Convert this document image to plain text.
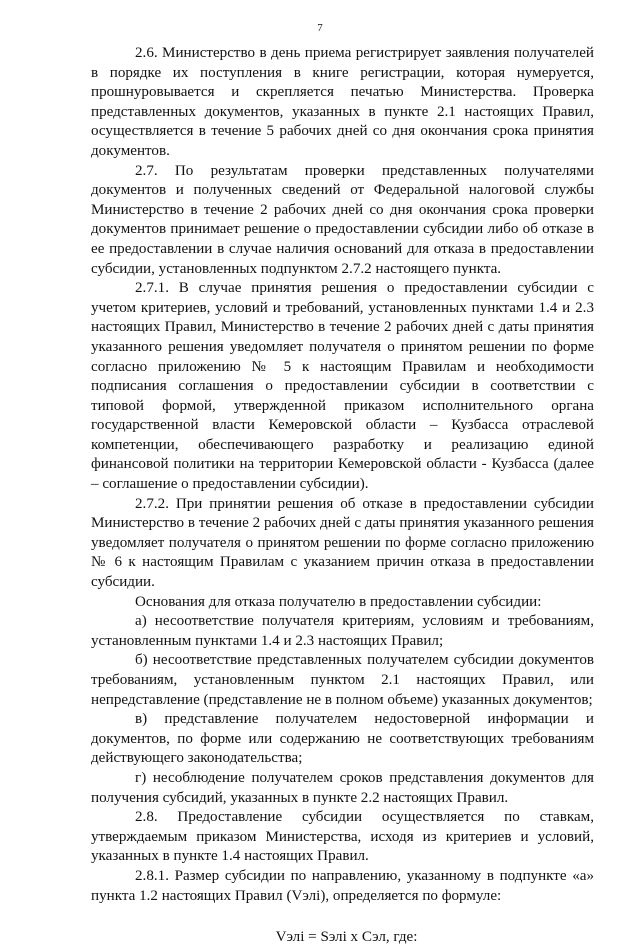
7

2.6. Министерство в день приема регистрирует заявления получателей в порядке их поступления в книге регистрации, которая нумеруется, прошнуровывается и скрепляется печатью Министерства. Проверка представленных документов, указанных в пункте 2.1 настоящих Правил, осуществляется в течение 5 рабочих дней со дня окончания срока принятия документов.

2.7. По результатам проверки представленных получателями документов и полученных сведений от Федеральной налоговой службы Министерство в течение 2 рабочих дней со дня окончания срока проверки документов принимает решение о предоставлении субсидии либо об отказе в ее предоставлении в случае наличия оснований для отказа в предоставлении субсидии, установленных подпунктом 2.7.2 настоящего пункта.

2.7.1. В случае принятия решения о предоставлении субсидии с учетом критериев, условий и требований, установленных пунктами 1.4 и 2.3 настоящих Правил, Министерство в течение 2 рабочих дней с даты принятия указанного решения уведомляет получателя о принятом решении по форме согласно приложению № 5 к настоящим Правилам и необходимости подписания соглашения о предоставлении субсидии в соответствии с типовой формой, утвержденной приказом исполнительного органа государственной власти Кемеровской области – Кузбасса отраслевой компетенции, обеспечивающего разработку и реализацию единой финансовой политики на территории Кемеровской области - Кузбасса (далее – соглашение о предоставлении субсидии).

2.7.2. При принятии решения об отказе в предоставлении субсидии Министерство в течение 2 рабочих дней с даты принятия указанного решения уведомляет получателя о принятом решении по форме согласно приложению № 6 к настоящим Правилам с указанием причин отказа в предоставлении субсидии.

Основания для отказа получателю в предоставлении субсидии:

а) несоответствие получателя критериям, условиям и требованиям, установленным пунктами 1.4 и 2.3 настоящих Правил;

б) несоответствие представленных получателем субсидии документов требованиям, установленным пунктом 2.1 настоящих Правил, или непредставление (представление не в полном объеме) указанных документов;

в) представление получателем недостоверной информации и документов, по форме или содержанию не соответствующих требованиям действующего законодательства;

г) несоблюдение получателем сроков представления документов для получения субсидий, указанных в пункте 2.2 настоящих Правил.

2.8. Предоставление субсидии осуществляется по ставкам, утверждаемым приказом Министерства, исходя из критериев и условий, указанных в пункте 1.4 настоящих Правил.

2.8.1. Размер субсидии по направлению, указанному в подпункте «а» пункта 1.2 настоящих Правил (Vэлi), определяется по формуле:

Vэлi = Sэлi x Сэл, где:
